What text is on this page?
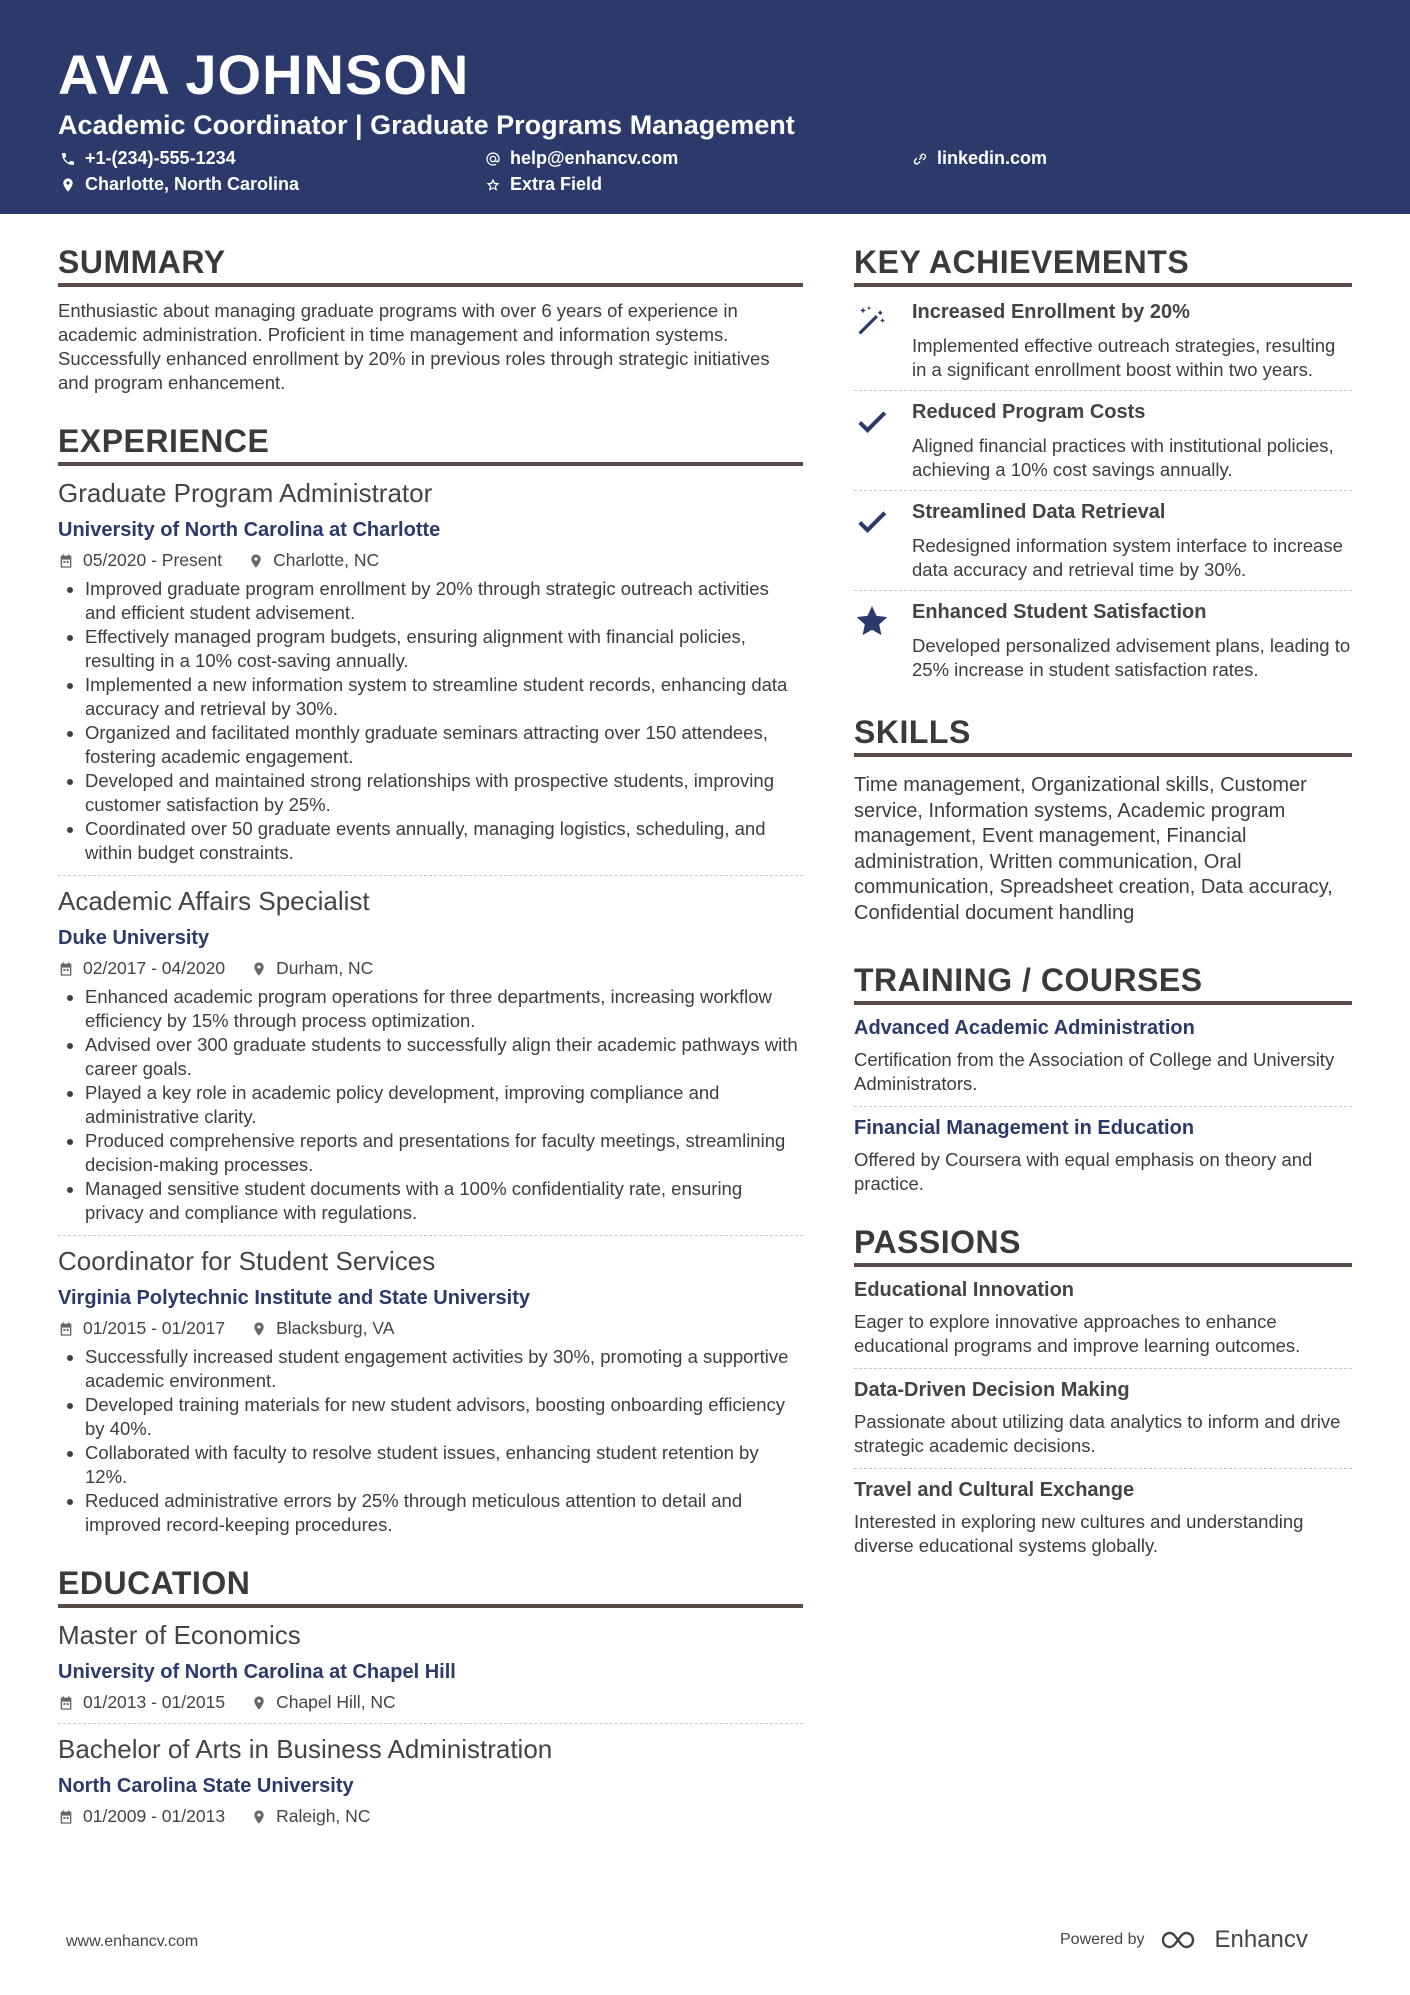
AVA JOHNSON
Academic Coordinator | Graduate Programs Management
+1-(234)-555-1234	help@enhancv.com	linkedin.com
Charlotte, North Carolina	Extra Field
SUMMARY
Enthusiastic about managing graduate programs with over 6 years of experience in academic administration. Proficient in time management and information systems. Successfully enhanced enrollment by 20% in previous roles through strategic initiatives and program enhancement.
EXPERIENCE
Graduate Program Administrator
University of North Carolina at Charlotte
05/2020 - Present	Charlotte, NC
• Improved graduate program enrollment by 20% through strategic outreach activities and efficient student advisement.
• Effectively managed program budgets, ensuring alignment with financial policies, resulting in a 10% cost-saving annually.
• Implemented a new information system to streamline student records, enhancing data accuracy and retrieval by 30%.
• Organized and facilitated monthly graduate seminars attracting over 150 attendees, fostering academic engagement.
• Developed and maintained strong relationships with prospective students, improving customer satisfaction by 25%.
• Coordinated over 50 graduate events annually, managing logistics, scheduling, and within budget constraints.
Academic Affairs Specialist
Duke University
02/2017 - 04/2020	Durham, NC
• Enhanced academic program operations for three departments, increasing workflow efficiency by 15% through process optimization.
• Advised over 300 graduate students to successfully align their academic pathways with career goals.
• Played a key role in academic policy development, improving compliance and administrative clarity.
• Produced comprehensive reports and presentations for faculty meetings, streamlining decision-making processes.
• Managed sensitive student documents with a 100% confidentiality rate, ensuring privacy and compliance with regulations.
Coordinator for Student Services
Virginia Polytechnic Institute and State University
01/2015 - 01/2017	Blacksburg, VA
• Successfully increased student engagement activities by 30%, promoting a supportive academic environment.
• Developed training materials for new student advisors, boosting onboarding efficiency by 40%.
• Collaborated with faculty to resolve student issues, enhancing student retention by 12%.
• Reduced administrative errors by 25% through meticulous attention to detail and improved record-keeping procedures.
EDUCATION
Master of Economics
University of North Carolina at Chapel Hill
01/2013 - 01/2015	Chapel Hill, NC
Bachelor of Arts in Business Administration
North Carolina State University
01/2009 - 01/2013	Raleigh, NC
KEY ACHIEVEMENTS
Increased Enrollment by 20%
Implemented effective outreach strategies, resulting in a significant enrollment boost within two years.
Reduced Program Costs
Aligned financial practices with institutional policies, achieving a 10% cost savings annually.
Streamlined Data Retrieval
Redesigned information system interface to increase data accuracy and retrieval time by 30%.
Enhanced Student Satisfaction
Developed personalized advisement plans, leading to 25% increase in student satisfaction rates.
SKILLS
Time management, Organizational skills, Customer service, Information systems, Academic program management, Event management, Financial administration, Written communication, Oral communication, Spreadsheet creation, Data accuracy, Confidential document handling
TRAINING / COURSES
Advanced Academic Administration
Certification from the Association of College and University Administrators.
Financial Management in Education
Offered by Coursera with equal emphasis on theory and practice.
PASSIONS
Educational Innovation
Eager to explore innovative approaches to enhance educational programs and improve learning outcomes.
Data-Driven Decision Making
Passionate about utilizing data analytics to inform and drive strategic academic decisions.
Travel and Cultural Exchange
Interested in exploring new cultures and understanding diverse educational systems globally.
www.enhancv.com	Powered by	Enhancv
